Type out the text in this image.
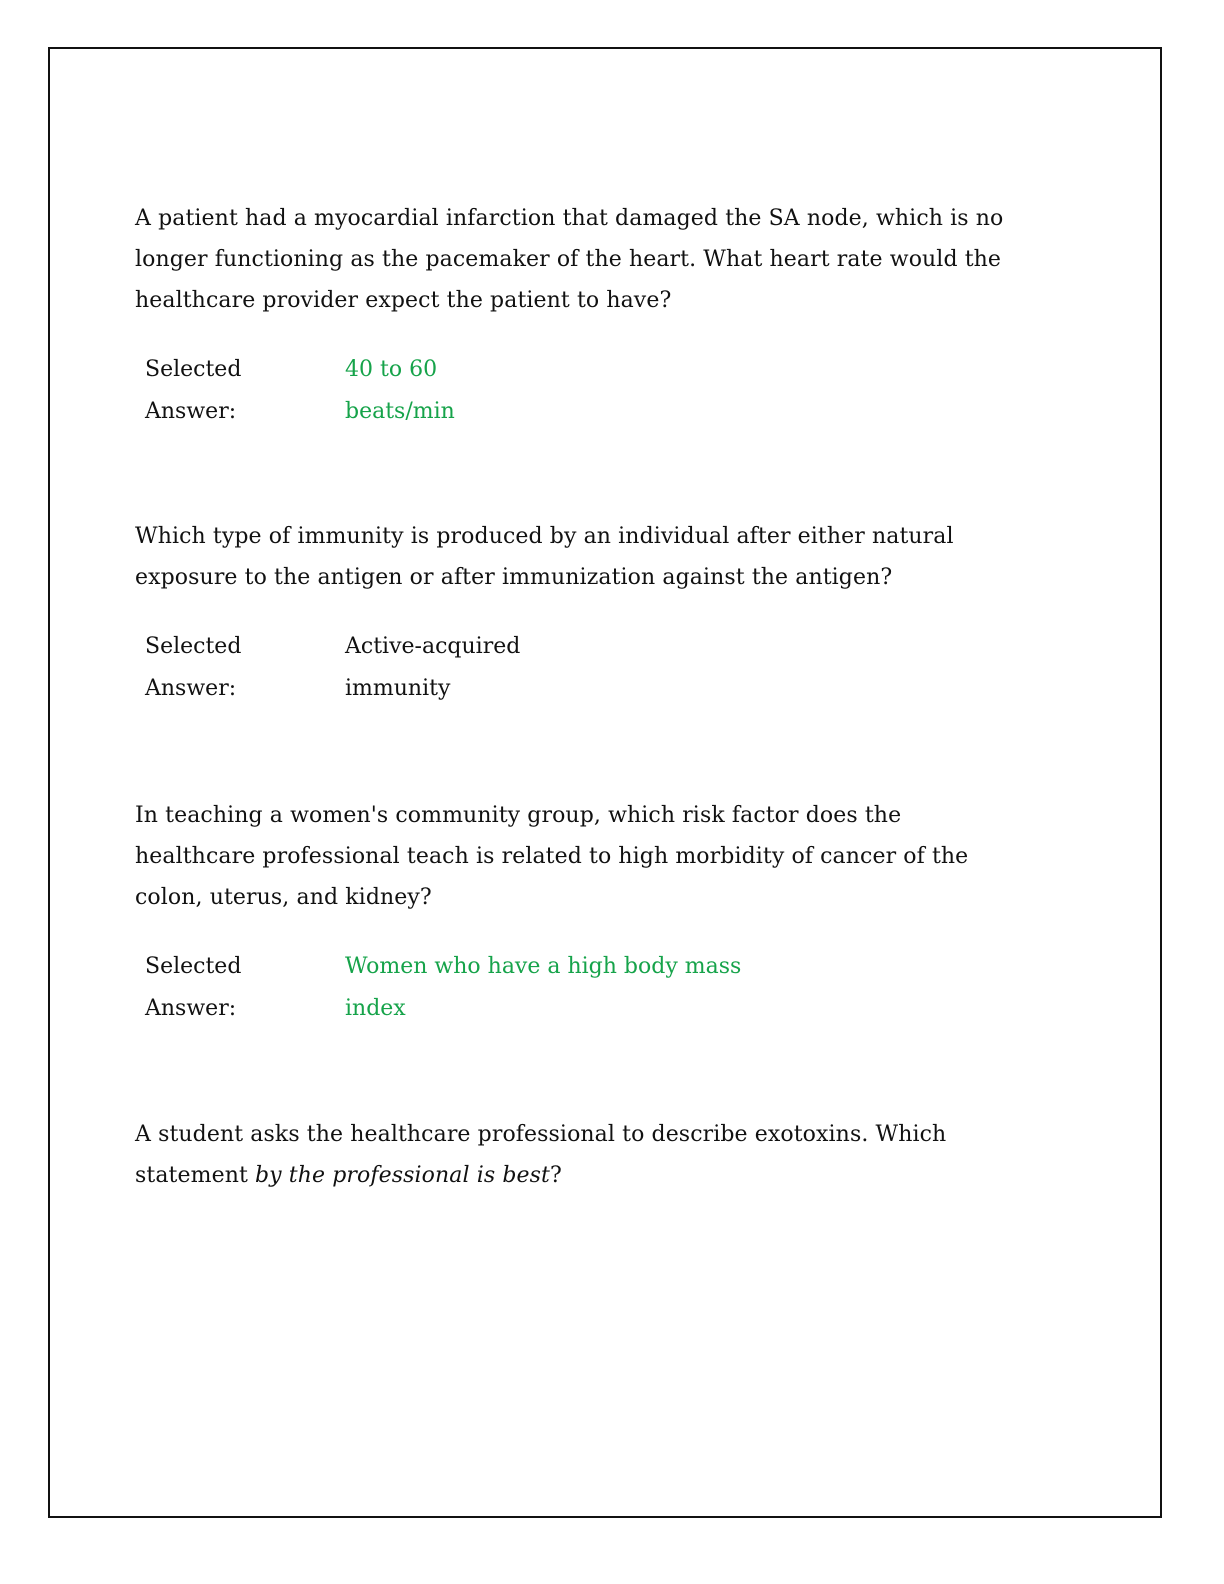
A patient had a myocardial infarction that damaged the SA node, which is no longer functioning as the pacemaker of the heart. What heart rate would the healthcare provider expect the patient to have?

Selected
Answer:
40 to 60
beats/min

Which type of immunity is produced by an individual after either natural exposure to the antigen or after immunization against the antigen?

Selected
Answer:
Active-acquired
immunity

In teaching a women's community group, which risk factor does the healthcare professional teach is related to high morbidity of cancer of the colon, uterus, and kidney?

Selected
Answer:
Women who have a high body mass
index

A student asks the healthcare professional to describe exotoxins. Which statement by the professional is best?
